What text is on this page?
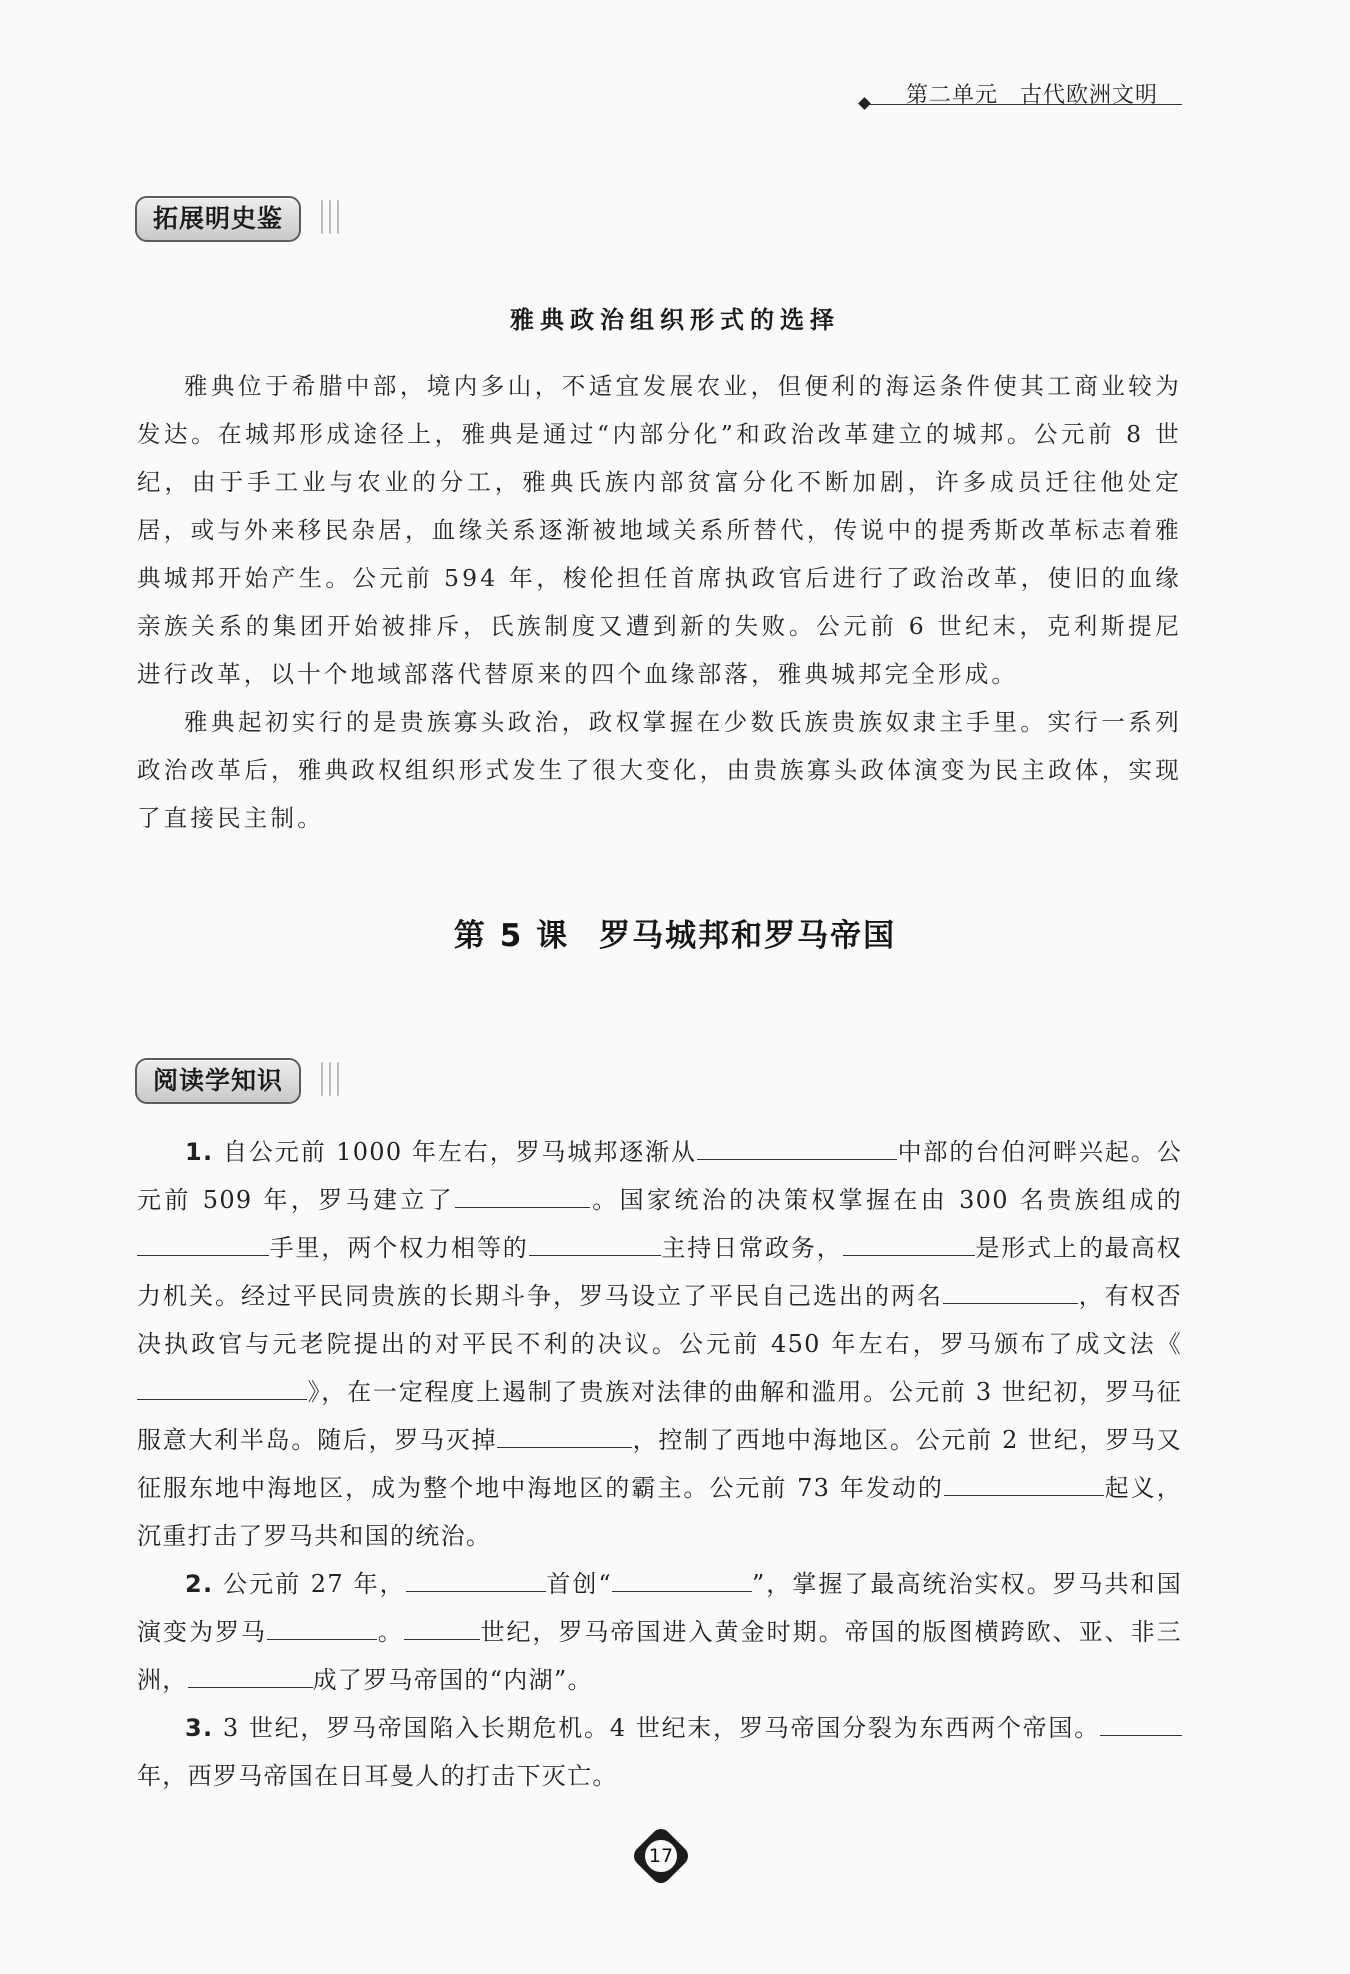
第二单元 古代欧洲文明
拓展明史鉴
雅典政治组织形式的选择

雅典位于希腊中部，境内多山，不适宜发展农业，但便利的海运条件使其工商业较为发达。在城邦形成途径上，雅典是通过“内部分化”和政治改革建立的城邦。公元前 8 世纪，由于手工业与农业的分工，雅典氏族内部贫富分化不断加剧，许多成员迁往他处定居，或与外来移民杂居，血缘关系逐渐被地域关系所替代，传说中的提秀斯改革标志着雅典城邦开始产生。公元前 594 年，梭伦担任首席执政官后进行了政治改革，使旧的血缘亲族关系的集团开始被排斥，氏族制度又遭到新的失败。公元前 6 世纪末，克利斯提尼进行改革，以十个地域部落代替原来的四个血缘部落，雅典城邦完全形成。

雅典起初实行的是贵族寡头政治，政权掌握在少数氏族贵族奴隶主手里。实行一系列政治改革后，雅典政权组织形式发生了很大变化，由贵族寡头政体演变为民主政体，实现了直接民主制。

第 5 课 罗马城邦和罗马帝国
阅读学知识

1. 自公元前 1000 年左右，罗马城邦逐渐从	中部的台伯河畔兴起。公元前 509 年，罗马建立了	。国家统治的决策权掌握在由 300 名贵族组成的手里，两个权力相等的	主持日常政务，	是形式上的最高权力机关。经过平民同贵族的长期斗争，罗马设立了平民自己选出的两名	，有权否决执政官与元老院提出的对平民不利的决议。公元前 450 年左右，罗马颁布了成文法《》，在一定程度上遏制了贵族对法律的曲解和滥用。公元前 3 世纪初，罗马征服意大利半岛。随后，罗马灭掉	，控制了西地中海地区。公元前 2 世纪，罗马又征服东地中海地区，成为整个地中海地区的霸主。公元前 73 年发动的	起义，沉重打击了罗马共和国的统治。

2. 公元前 27 年，	首创“	”，掌握了最高统治实权。罗马共和国演变为罗马	。	世纪，罗马帝国进入黄金时期。帝国的版图横跨欧、亚、非三洲，	成了罗马帝国的“内湖”。

3. 3 世纪，罗马帝国陷入长期危机。4 世纪末，罗马帝国分裂为东西两个帝国。年，西罗马帝国在日耳曼人的打击下灭亡。

17
